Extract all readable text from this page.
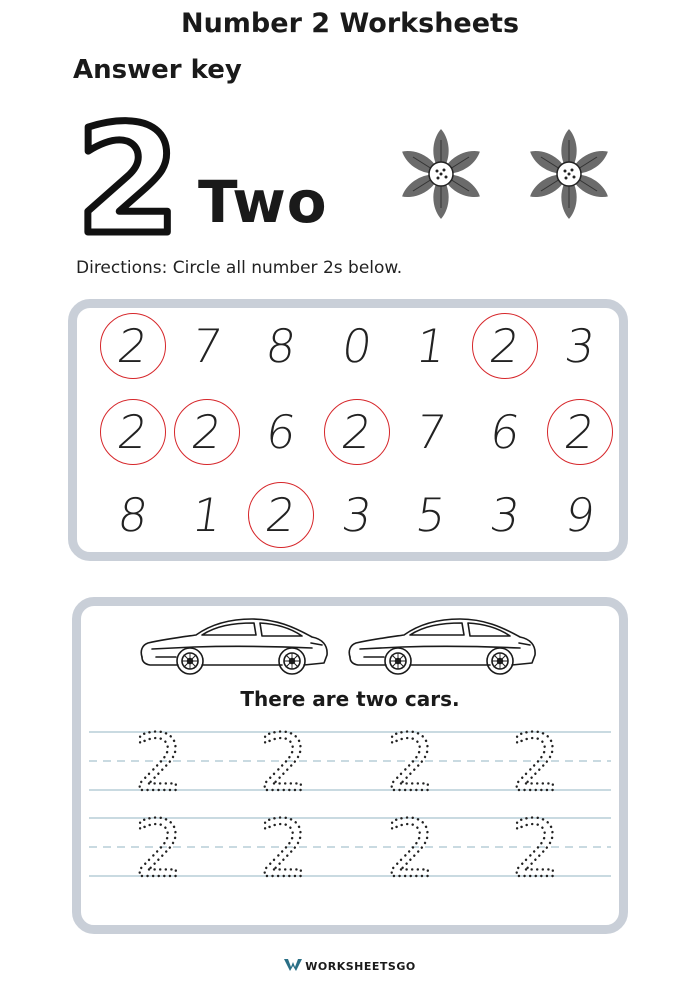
Number 2 Worksheets
Answer key
2 Two
Directions: Circle all number 2s below.
2 7 8 0 1 2 3
2 2 6 2 7 6 2
8 1 2 3 5 3 9
2 2 2 2
2 2 2 2
There are two cars.
WORKSHEETSGO
